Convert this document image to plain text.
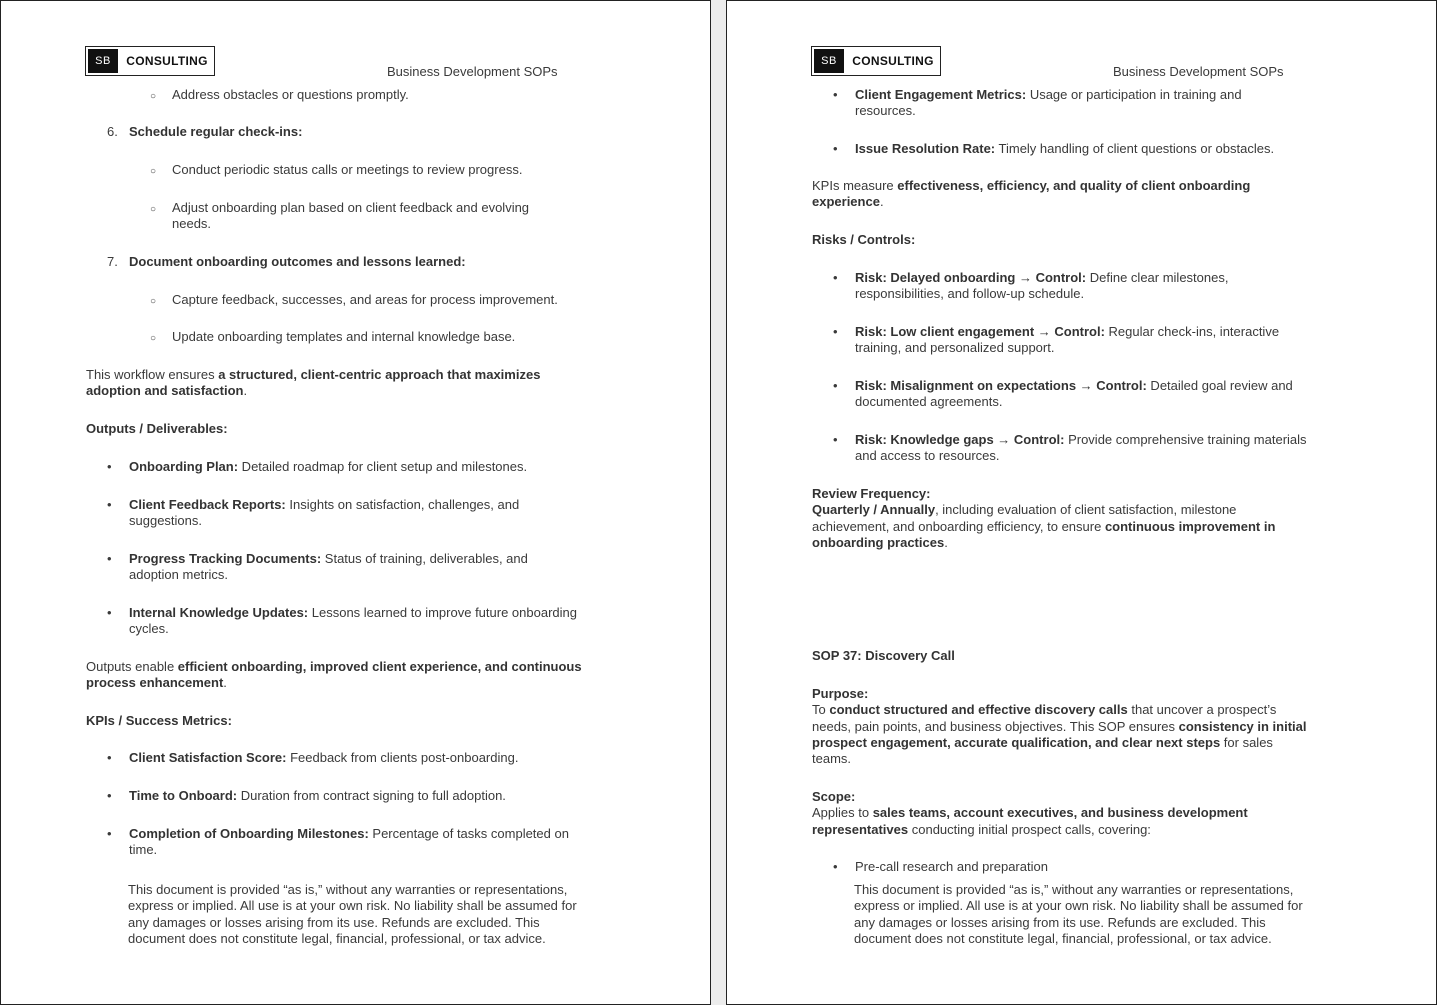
SB	CONSULTING
Business Development SOPs
○ Address obstacles or questions promptly.

6. Schedule regular check-ins:

○ Conduct periodic status calls or meetings to review progress.

○ Adjust onboarding plan based on client feedback and evolving needs.

7. Document onboarding outcomes and lessons learned:

○ Capture feedback, successes, and areas for process improvement.

○ Update onboarding templates and internal knowledge base.

This workflow ensures a structured, client-centric approach that maximizes adoption and satisfaction.

Outputs / Deliverables:

• Onboarding Plan: Detailed roadmap for client setup and milestones.

• Client Feedback Reports: Insights on satisfaction, challenges, and suggestions.

• Progress Tracking Documents: Status of training, deliverables, and adoption metrics.

• Internal Knowledge Updates: Lessons learned to improve future onboarding cycles.

Outputs enable efficient onboarding, improved client experience, and continuous process enhancement.

KPIs / Success Metrics:

• Client Satisfaction Score: Feedback from clients post-onboarding.

• Time to Onboard: Duration from contract signing to full adoption.

• Completion of Onboarding Milestones: Percentage of tasks completed on time.

This document is provided “as is,” without any warranties or representations, express or implied. All use is at your own risk. No liability shall be assumed for any damages or losses arising from its use. Refunds are excluded. This document does not constitute legal, financial, professional, or tax advice.

SB	CONSULTING
Business Development SOPs
• Client Engagement Metrics: Usage or participation in training and resources.

• Issue Resolution Rate: Timely handling of client questions or obstacles.

KPIs measure effectiveness, efficiency, and quality of client onboarding experience.

Risks / Controls:

• Risk: Delayed onboarding → Control: Define clear milestones, responsibilities, and follow-up schedule.

• Risk: Low client engagement → Control: Regular check-ins, interactive training, and personalized support.

• Risk: Misalignment on expectations → Control: Detailed goal review and documented agreements.

• Risk: Knowledge gaps → Control: Provide comprehensive training materials and access to resources.

Review Frequency:
Quarterly / Annually, including evaluation of client satisfaction, milestone achievement, and onboarding efficiency, to ensure continuous improvement in onboarding practices.

SOP 37: Discovery Call

Purpose:
To conduct structured and effective discovery calls that uncover a prospect’s needs, pain points, and business objectives. This SOP ensures consistency in initial prospect engagement, accurate qualification, and clear next steps for sales teams.

Scope:
Applies to sales teams, account executives, and business development representatives conducting initial prospect calls, covering:

• Pre-call research and preparation

This document is provided “as is,” without any warranties or representations, express or implied. All use is at your own risk. No liability shall be assumed for any damages or losses arising from its use. Refunds are excluded. This document does not constitute legal, financial, professional, or tax advice.
